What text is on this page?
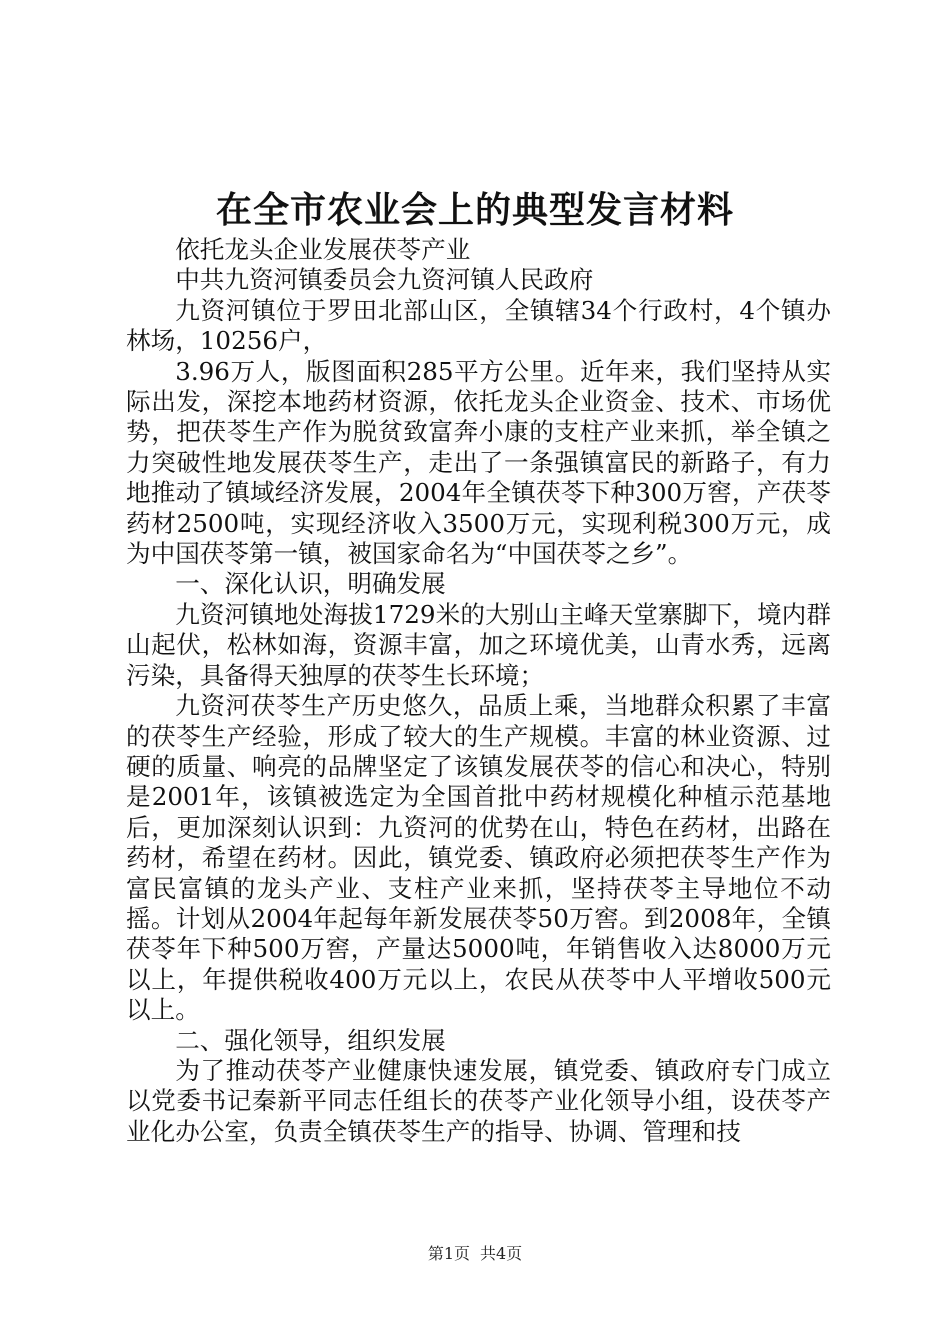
在全市农业会上的典型发言材料

依托龙头企业发展茯苓产业

中共九资河镇委员会九资河镇人民政府

九资河镇位于罗田北部山区，全镇辖34个行政村，4个镇办林场，10256户，

3.96万人，版图面积285平方公里。近年来，我们坚持从实际出发，深挖本地药材资源，依托龙头企业资金、技术、市场优势，把茯苓生产作为脱贫致富奔小康的支柱产业来抓，举全镇之力突破性地发展茯苓生产，走出了一条强镇富民的新路子，有力地推动了镇域经济发展，2004年全镇茯苓下种300万窖，产茯苓药材2500吨，实现经济收入3500万元，实现利税300万元，成为中国茯苓第一镇，被国家命名为“中国茯苓之乡”。

一、深化认识，明确发展

九资河镇地处海拔1729米的大别山主峰天堂寨脚下，境内群山起伏，松林如海，资源丰富，加之环境优美，山青水秀，远离污染，具备得天独厚的茯苓生长环境；

九资河茯苓生产历史悠久，品质上乘，当地群众积累了丰富的茯苓生产经验，形成了较大的生产规模。丰富的林业资源、过硬的质量、响亮的品牌坚定了该镇发展茯苓的信心和决心，特别是2001年，该镇被选定为全国首批中药材规模化种植示范基地后，更加深刻认识到：九资河的优势在山，特色在药材，出路在药材，希望在药材。因此，镇党委、镇政府必须把茯苓生产作为富民富镇的龙头产业、支柱产业来抓，坚持茯苓主导地位不动摇。计划从2004年起每年新发展茯苓50万窖。到2008年，全镇茯苓年下种500万窖，产量达5000吨，年销售收入达8000万元以上，年提供税收400万元以上，农民从茯苓中人平增收500元以上。

二、强化领导，组织发展

为了推动茯苓产业健康快速发展，镇党委、镇政府专门成立以党委书记秦新平同志任组长的茯苓产业化领导小组，设茯苓产业化办公室，负责全镇茯苓生产的指导、协调、管理和技

第1页 共4页
